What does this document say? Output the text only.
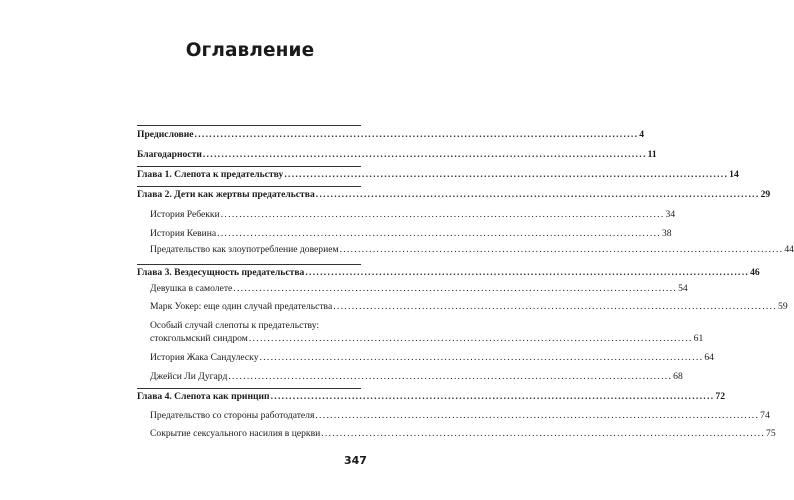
Оглавление
Предисловие ........................................................................................................................ 4
Благодарности ........................................................................................................................ 11
Глава 1. Слепота к предательству ........................................................................................................................ 14
Глава 2. Дети как жертвы предательства ........................................................................................................................ 29
История Ребекки ........................................................................................................................ 34
История Кевина ........................................................................................................................ 38
Предательство как злоупотребление доверием ........................................................................................................................ 44
Глава 3. Вездесущность предательства ........................................................................................................................ 46
Девушка в самолете ........................................................................................................................ 54
Марк Уокер: еще один случай предательства ........................................................................................................................ 59
Особый случай слепоты к предательству:
стокгольмский синдром ........................................................................................................................ 61
История Жака Сандулеску ........................................................................................................................ 64
Джейси Ли Дугард ........................................................................................................................ 68
Глава 4. Слепота как принцип ........................................................................................................................ 72
Предательство со стороны работодателя ........................................................................................................................ 74
Сокрытие сексуального насилия в церкви ........................................................................................................................ 75
347
